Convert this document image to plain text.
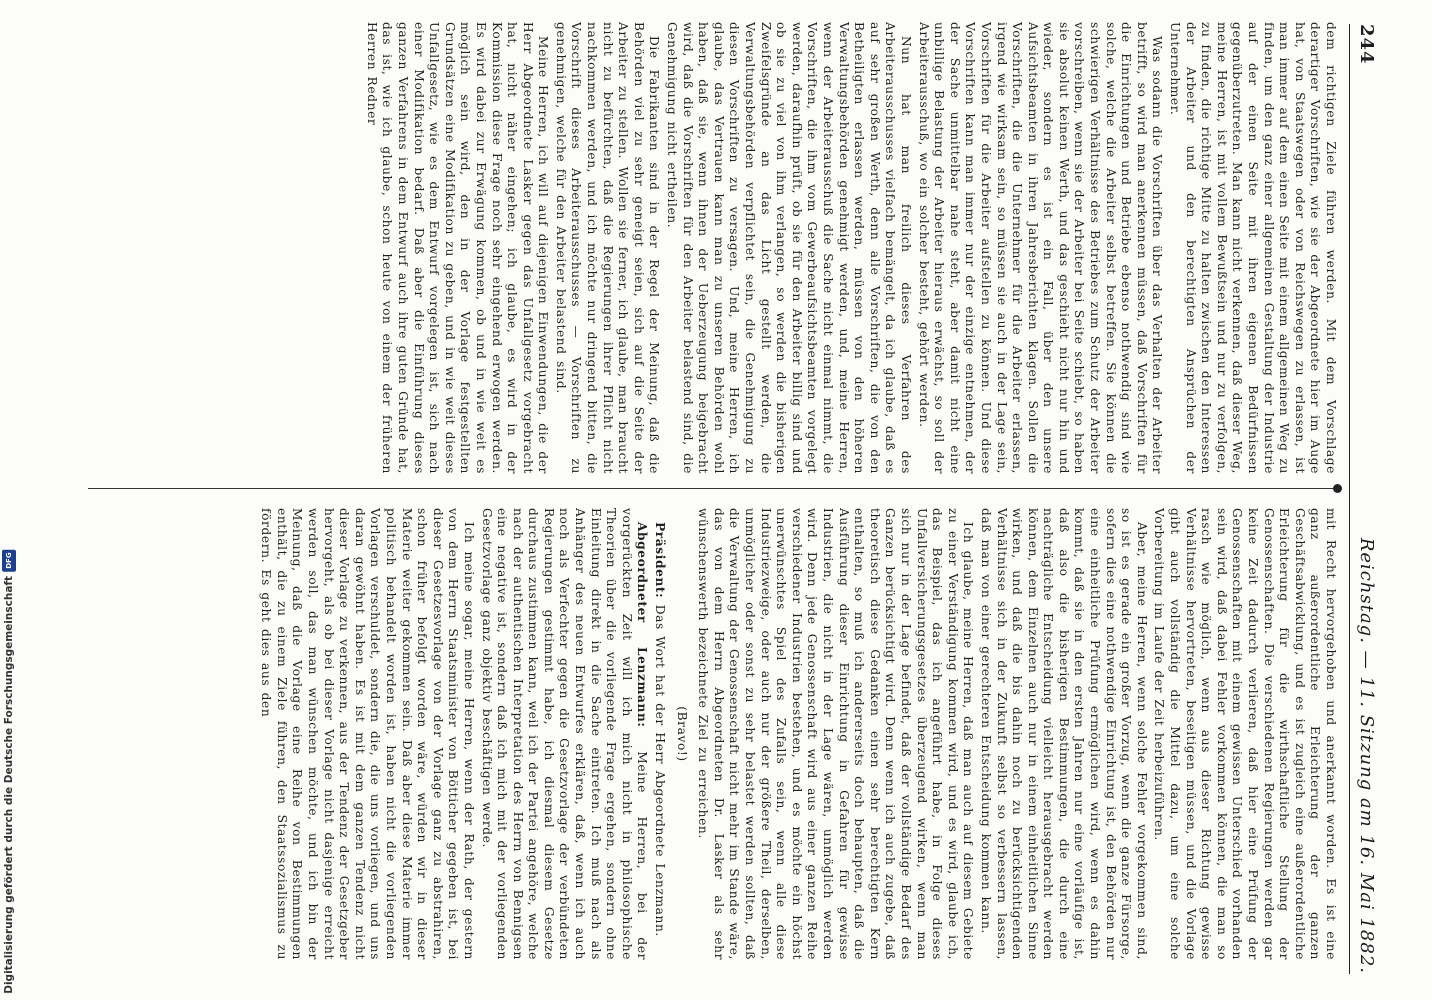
244
Reichstag. — 11. Sitzung am 16. Mai 1882.

dem richtigen Ziele führen werden. Mit dem Vorschlage derartiger Vorschriften, wie sie der Abgeordnete hier im Auge hat, von Staatswegen oder von Reichswegen zu erlassen, ist man immer auf dem einen Seite mit einem allgemeinen Weg zu finden, um den ganz einer allgemeinen Gestaltung der Industrie auf der einen Seite mit ihren eigenen Bedürfnissen gegenüberzutreten. Man kann nicht verkennen, daß dieser Weg, meine Herren, ist mit vollem Bewußtsein und nur zu verfolgen, zu finden, die richtige Mitte zu halten zwischen den Interessen der Arbeiter und den berechtigten Ansprüchen der Unternehmer.

Was sodann die Vorschriften über das Verhalten der Arbeiter betrifft, so wird man anerkennen müssen, daß Vorschriften für die Einrichtungen und Betriebe ebenso nothwendig sind wie solche, welche die Arbeiter selbst betreffen. Sie können die schwierigen Verhältnisse des Betriebes zum Schutz der Arbeiter vorschreiben, wenn sie der Arbeiter bei Seite schiebt, so haben sie absolut keinen Werth, und das geschieht nicht nur hin und wieder, sondern es ist ein Fall, über den unsere Aufsichtsbeamten in ihren Jahresberichten klagen. Sollen die Vorschriften, die die Unternehmer für die Arbeiter erlassen, irgend wie wirksam sein, so müssen sie auch in der Lage sein, Vorschriften für die Arbeiter aufstellen zu können. Und diese Vorschriften kann man immer nur der einzige entnehmen, der der Sache unmittelbar nahe steht, aber damit nicht eine unbillige Belastung der Arbeiter hieraus erwächst, so soll der Arbeiterausschuß, wo ein solcher besteht, gehört werden.

Nun hat man freilich dieses Verfahren des Arbeiterausschusses vielfach bemängelt, da ich glaube, daß es auf sehr großen Werth, denn alle Vorschriften, die von den Betheiligten erlassen werden, müssen von den höheren Verwaltungsbehörden genehmigt werden, und, meine Herren, wenn der Arbeiterausschuß die Sache nicht einmal nimmt, die Vorschriften, die ihm vom Gewerbeaufsichtsbeamten vorgelegt werden, daraufhin prüft, ob sie für den Arbeiter billig sind und ob sie zu viel von ihm verlangen, so werden die bisherigen Zweifelsgründe an das Licht gestellt werden, die Verwaltungsbehörden verpflichtet sein, die Genehmigung zu diesen Vorschriften zu versagen. Und, meine Herren, ich glaube, das Vertrauen kann man zu unseren Behörden wohl haben, daß sie, wenn ihnen der Ueberzeugung beigebracht wird, daß die Vorschriften für den Arbeiter belastend sind, die Genehmigung nicht ertheilen.

Die Fabrikanten sind in der Regel der Meinung, daß die Behörden viel zu sehr geneigt seien, sich auf die Seite der Arbeiter zu stellen. Wollen sie ferner, ich glaube, man braucht nicht zu befürchten, daß die Regierungen ihrer Pflicht nicht nachkommen werden, und ich möchte nur dringend bitten, die Vorschrift dieses Arbeiterausschusses — Vorschriften zu genehmigen, welche für den Arbeiter belastend sind.

Meine Herren, ich will auf diejenigen Einwendungen, die der Herr Abgeordnete Lasker gegen das Unfallgesetz vorgebracht hat, nicht näher eingehen; ich glaube, es wird in der Kommission diese Frage noch sehr eingehend erwogen werden. Es wird dabei zur Erwägung kommen, ob und in wie weit es möglich sein wird, den in der Vorlage festgestellten Grundsätzen eine Modifikation zu geben, und in wie weit dieses Unfallgesetz, wie es dem Entwurf vorgelegen ist, sich nach einer Modifikation bedarf. Daß aber die Einführung dieses ganzen Verfahrens in dem Entwurf auch ihre guten Gründe hat, das ist, wie ich glaube, schon heute von einem der früheren Herren Redner

mit Recht hervorgehoben und anerkannt worden. Es ist eine ganz außerordentliche Erleichterung der ganzen Geschäftsabwicklung, und es ist zugleich eine außerordentliche Erleichterung für die wirthschaftliche Stellung der Genossenschaften. Die verschiedenen Regierungen werden gar keine Zeit dadurch verlieren, daß hier eine Prüfung der Genossenschaften mit einem gewissen Unterschied vorhanden sein wird, daß dabei Fehler vorkommen können, die man so rasch wie möglich, wenn aus dieser Richtung gewisse Verhältnisse hervortreten, beseitigen müssen, und die Vorlage gibt auch vollständig die Mittel dazu, um eine solche Vorbereitung im Laufe der Zeit herbeizuführen.

Aber, meine Herren, wenn solche Fehler vorgekommen sind, so ist es gerade ein großer Vorzug, wenn die ganze Fürsorge, sofern dies eine nothwendige Einrichtung ist, den Behörden nur eine einheitliche Prüfung ermöglichen wird, wenn es dahin kommt, daß sie in den ersten Jahren nur eine vorläufige ist, daß also die bisherigen Bestimmungen, die durch eine nachträgliche Entscheidung vielleicht herausgebracht werden können, dem Einzelnen auch nur in einem einheitlichen Sinne wirken, und daß die bis dahin noch zu berücksichtigenden Verhältnisse sich in der Zukunft selbst so verbessern lassen, daß man von einer gerechteren Entscheidung kommen kann.

Ich glaube, meine Herren, daß man auch auf diesem Gebiete zu einer Verständigung kommen wird, und es wird, glaube ich, das Beispiel, das ich angeführt habe, in Folge dieses Unfallversicherungsgesetzes überzeugend wirken, wenn man sich nur in der Lage befindet, daß der vollständige Bedarf des Ganzen berücksichtigt wird. Denn wenn ich auch zugebe, daß theoretisch diese Gedanken einen sehr berechtigten Kern enthalten, so muß ich andererseits doch behaupten, daß die Ausführung dieser Einrichtung in Gefahren für gewisse Industrien, die nicht in der Lage wären, unmöglich werden wird. Denn jede Genossenschaft wird aus einer ganzen Reihe verschiedener Industrien bestehen, und es möchte ein höchst unerwünschtes Spiel des Zufalls sein, wenn alle diese Industriezweige, oder auch nur der größere Theil, derselben, unmöglicher oder sonst zu sehr belastet werden sollten, daß die Verwaltung der Genossenschaft nicht mehr im Stande wäre, das von dem Herrn Abgeordneten Dr. Lasker als sehr wünschenswerth bezeichnete Ziel zu erreichen.

(Bravo!)

Präsident: Das Wort hat der Herr Abgeordnete Lenzmann.

Abgeordneter Lenzmann: Meine Herren, bei der vorgerückten Zeit will ich mich nicht in philosophische Theorien über die vorliegende Frage ergehen, sondern ohne Einleitung direkt in die Sache eintreten. Ich muß nach als Anhänger des neuen Entwurfes erklären, daß, wenn ich auch noch als Verfechter gegen die Gesetzvorlage der verbündeten Regierungen gestimmt habe, ich diesmal diesem Gesetze durchaus zustimmen kann, weil ich der Partei angehöre, welche nach der authentischen Interpretation des Herrn von Bennigsen eine negative ist, sondern daß ich mich mit der vorliegenden Gesetzvorlage ganz objektiv beschäftigen werde.

Ich meine sogar, meine Herren, wenn der Rath, der gestern von dem Herrn Staatsminister von Bötticher gegeben ist, bei dieser Gesetzesvorlage von der Vorlage ganz zu abstrahiren, schon früher befolgt worden wäre, würden wir in dieser Materie weiter gekommen sein. Daß aber diese Materie immer politisch behandelt worden ist, haben nicht die vorliegenden Vorlagen verschuldet, sondern die, die uns vorliegen, und uns daran gewöhnt haben. Es ist mit dem ganzen Tendenz nicht dieser Vorlage zu verkennen, aus der Tendenz der Gesetzgeber hervorgeht, als ob bei dieser Vorlage nicht dasjenige erreicht werden soll, das man wünschen möchte, und ich bin der Meinung, daß die Vorlage eine Reihe von Bestimmungen enthält, die zu einem Ziele führen, den Staatssozialismus zu fördern. Es geht dies aus den

Digitalisierung gefördert durch die Deutsche Forschungsgemeinschaft
DFG
